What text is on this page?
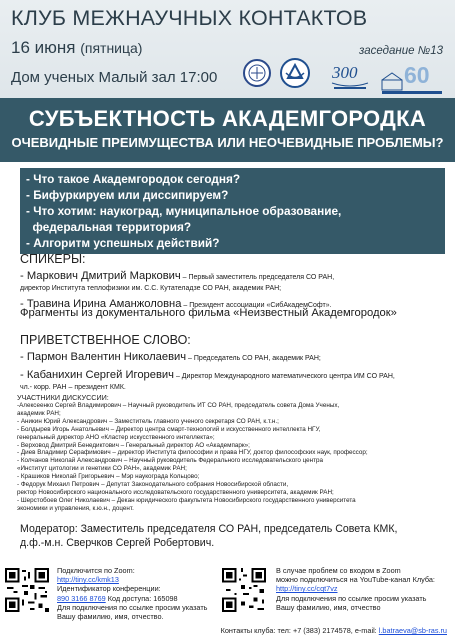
КЛУБ МЕЖНАУЧНЫХ КОНТАКТОВ
16 июня (пятница)
Дом ученых Малый зал 17:00
заседание №13
300 60
СУБЪЕКТНОСТЬ АКАДЕМГОРОДКА
ОЧЕВИДНЫЕ ПРЕИМУЩЕСТВА ИЛИ НЕОЧЕВИДНЫЕ ПРОБЛЕМЫ?
- Что такое Академгородок сегодня?
- Бифуркируем или диссипируем?
- Что хотим: наукоград, муниципальное образование,
федеральная территория?
- Алгоритм успешных действий?
СПИКЕРЫ:
- Маркович Дмитрий Маркович – Первый заместитель председателя СО РАН,
директор Института теплофизики им. С.С. Кутателадзе СО РАН, академик РАН;
- Травина Ирина Аманжоловна – Президент ассоциации «СибАкадемСофт».
Фрагменты из документального фильма «Неизвестный Академгородок»
ПРИВЕТСТВЕННОЕ СЛОВО:
- Пармон Валентин Николаевич – Председатель СО РАН, академик РАН;
- Кабанихин Сергей Игоревич – Директор Международного математического центра ИМ СО РАН,
чл.- корр. РАН – президент КМК.
УЧАСТНИКИ ДИСКУССИИ:
-Алексеенко Сергей Владимирович – Научный руководитель ИТ СО РАН, председатель совета Дома Ученых,
академик РАН;
- Аникин Юрий Александрович – Заместитель главного ученого секретаря СО РАН, к.т.н.;
- Болдырев Игорь Анатольевич – Директор центра смарт-технологий и искусственного интеллекта НГУ,
генеральный директор АНО «Кластер искусственного интеллекта»;
- Верховод Дмитрий Бенедиктович – Генеральный директор АО «Академпарк»;
- Диев Владимир Серафимович – директор Института философии и права НГУ, доктор философских наук, профессор;
- Колчанов Николай Александрович – Научный руководитель Федерального исследовательского центра
«Институт цитологии и генетики СО РАН», академик РАН;
- Крашиков Николай Григорьевич – Мэр наукограда Кольцово;
- Федорук Михаил Петрович – Депутат Законодательного собрания Новосибирской области,
ректор Новосибирского национального исследовательского государственного университета, академик РАН;
- Шерстобоев Олег Николаевич – Декан юридического факультета Новосибирского государственного университета
экономики и управления, к.ю.н., доцент.
Модератор: Заместитель председателя СО РАН, председатель Совета КМК,
д.ф.-м.н. Сверчков Сергей Робертович.
Подключится по Zoom:
http://tiny.cc/kmk13
Идентификатор конференции:
890 3166 8769 Код доступа: 165098
Для подключения по ссылке просим указать
Вашу фамилию, имя, отчество.
В случае проблем со входом в Zoom
можно подключиться на YouTube-канал Клуба:
http://tiny.cc/cqt7vz
Для подключения по ссылке просим указать
Вашу фамилию, имя, отчество
Контакты клуба: тел: +7 (383) 2174578, e-mail: l.batraeva@sb-ras.ru
